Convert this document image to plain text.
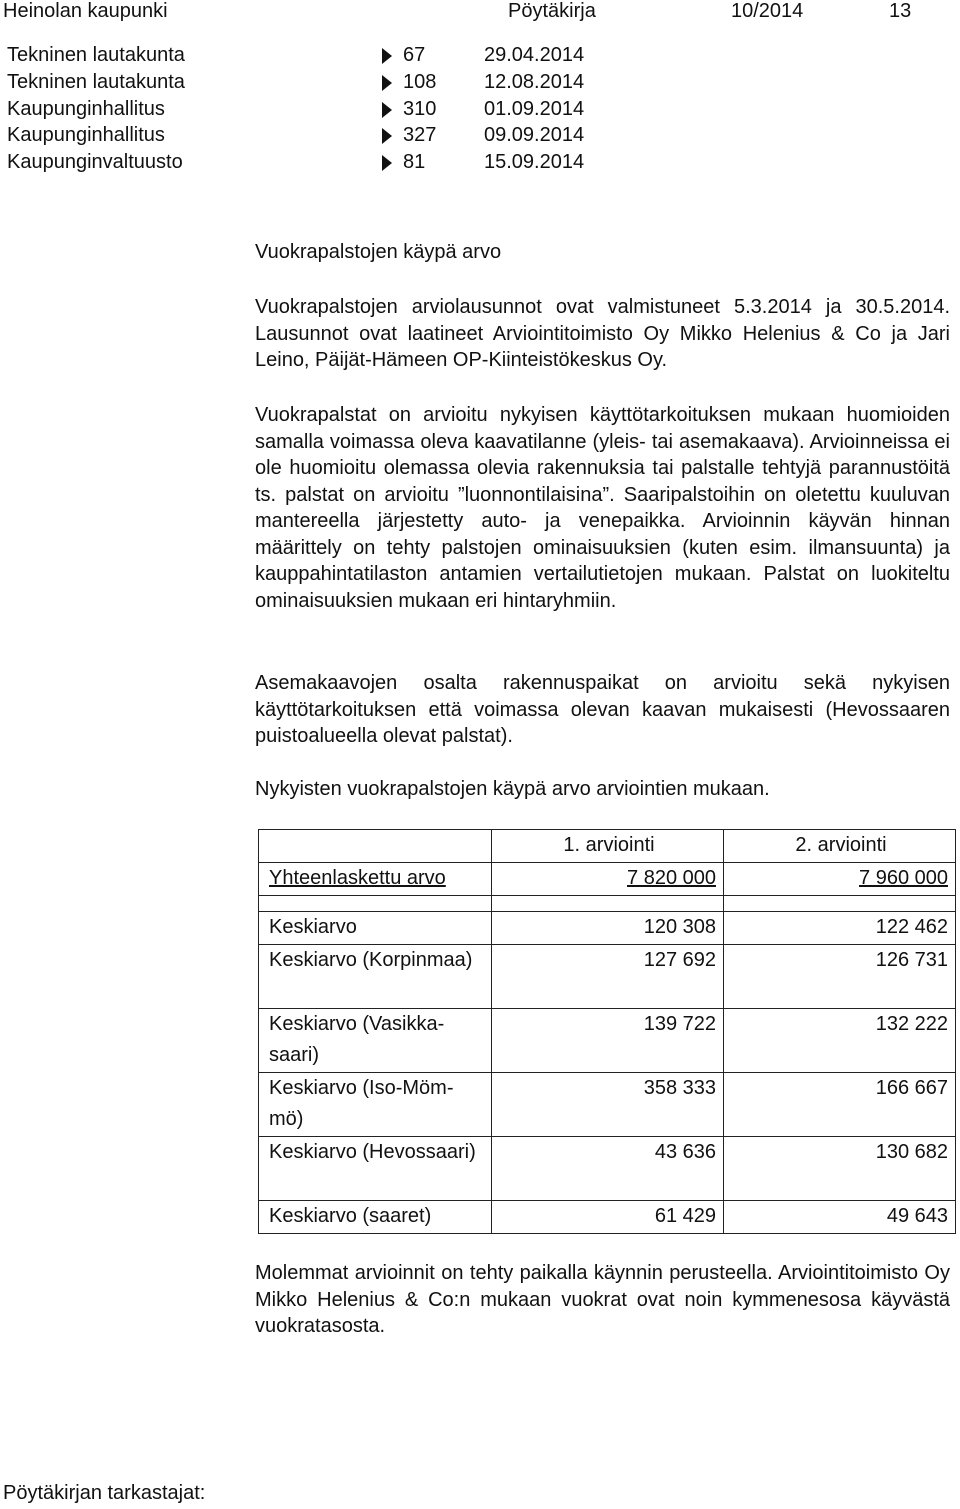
Heinolan kaupunki	Pöytäkirja	10/2014	13
Tekninen lautakunta	67	29.04.2014
Tekninen lautakunta	108 12.08.2014
Kaupunginhallitus	310 01.09.2014
Kaupunginhallitus	327 09.09.2014
Kaupunginvaltuusto	81	15.09.2014
Vuokrapalstojen käypä arvo

Vuokrapalstojen arviolausunnot ovat valmistuneet 5.3.2014 ja 30.5.2014. Lausunnot ovat laatineet Arviointitoimisto Oy Mikko Helenius & Co ja Jari Leino, Päijät-Hämeen OP-Kiinteistökeskus Oy.

Vuokrapalstat on arvioitu nykyisen käyttötarkoituksen mukaan huomioiden samalla voimassa oleva kaavatilanne (yleis- tai asemakaava). Arvioinneissa ei ole huomioitu olemassa olevia rakennuksia tai palstalle tehtyjä parannustöitä ts. palstat on arvioitu ”luonnontilaisina”. Saaripalstoihin on oletettu kuuluvan mantereella järjestetty auto- ja venepaikka. Arvioinnin käyvän hinnan määrittely on tehty palstojen ominaisuuksien (kuten esim. ilmansuunta) ja kauppahintatilaston antamien vertailutietojen mukaan. Palstat on luokiteltu ominaisuuksien mukaan eri hintaryhmiin.

Asemakaavojen osalta rakennuspaikat on arvioitu sekä nykyisen käyttötarkoituksen että voimassa olevan kaavan mukaisesti (Hevossaaren puistoalueella olevat palstat).

Nykyisten vuokrapalstojen käypä arvo arviointien mukaan.

	1. arviointi	2. arviointi
Yhteenlaskettu arvo	7 820 000	7 960 000

Keskiarvo	120 308	122 462
Keskiarvo (Korpinmaa)	127 692	126 731
Keskiarvo (Vasikkasaari)	139 722	132 222
Keskiarvo (Iso-Mömmö)	358 333	166 667
Keskiarvo (Hevossaari)	43 636	130 682
Keskiarvo (saaret)	61 429	49 643

Molemmat arvioinnit on tehty paikalla käynnin perusteella. Arviointitoimisto Oy Mikko Helenius & Co:n mukaan vuokrat ovat noin kymmenesosa käyvästä vuokratasosta.

Pöytäkirjan tarkastajat:
